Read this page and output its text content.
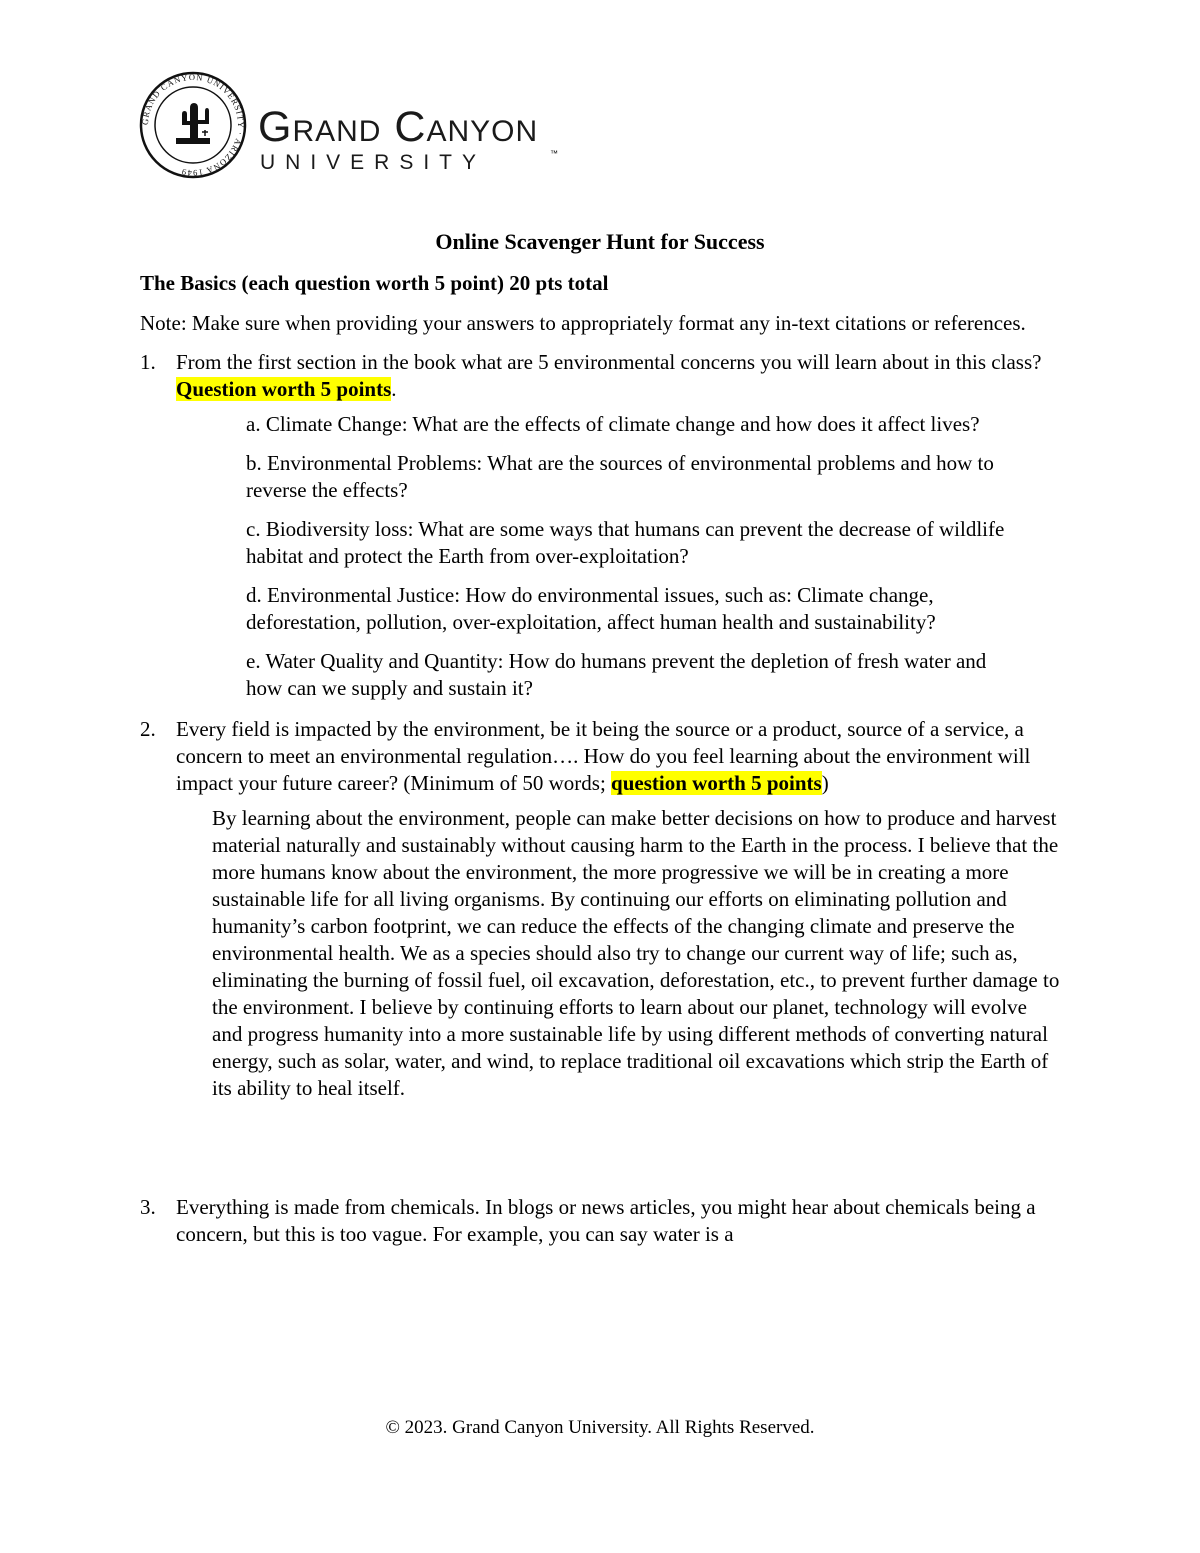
GRAND CANYON UNIVERSITY · ARIZONA 1949
Grand Canyon
UNIVERSITY	™
Online Scavenger Hunt for Success
The Basics (each question worth 5 point) 20 pts total
Note: Make sure when providing your answers to appropriately format any in-text citations or references.
1. From the first section in the book what are 5 environmental concerns you will learn about in this class? Question worth 5 points.
a. Climate Change: What are the effects of climate change and how does it affect lives?
b. Environmental Problems: What are the sources of environmental problems and how to reverse the effects?
c. Biodiversity loss: What are some ways that humans can prevent the decrease of wildlife habitat and protect the Earth from over-exploitation?
d. Environmental Justice: How do environmental issues, such as: Climate change, deforestation, pollution, over-exploitation, affect human health and sustainability?
e. Water Quality and Quantity: How do humans prevent the depletion of fresh water and how can we supply and sustain it?
2. Every field is impacted by the environment, be it being the source or a product, source of a service, a concern to meet an environmental regulation…. How do you feel learning about the environment will impact your future career? (Minimum of 50 words; question worth 5 points)
By learning about the environment, people can make better decisions on how to produce and harvest material naturally and sustainably without causing harm to the Earth in the process. I believe that the more humans know about the environment, the more progressive we will be in creating a more sustainable life for all living organisms. By continuing our efforts on eliminating pollution and humanity’s carbon footprint, we can reduce the effects of the changing climate and preserve the environmental health. We as a species should also try to change our current way of life; such as, eliminating the burning of fossil fuel, oil excavation, deforestation, etc., to prevent further damage to the environment. I believe by continuing efforts to learn about our planet, technology will evolve and progress humanity into a more sustainable life by using different methods of converting natural energy, such as solar, water, and wind, to replace traditional oil excavations which strip the Earth of its ability to heal itself.
3. Everything is made from chemicals. In blogs or news articles, you might hear about chemicals being a concern, but this is too vague. For example, you can say water is a
© 2023. Grand Canyon University. All Rights Reserved.
